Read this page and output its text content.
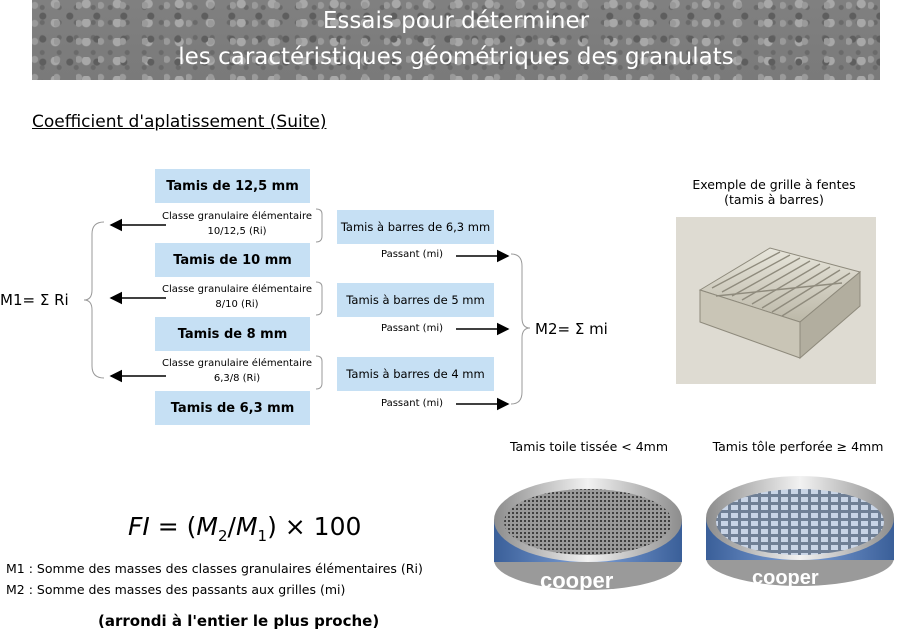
Essais pour déterminer
les caractéristiques géométriques des granulats
Coefficient d'aplatissement (Suite)
Tamis de 12,5 mm
Tamis de 10 mm
Tamis de 8 mm
Tamis de 6,3 mm
Tamis à barres de 6,3 mm
Tamis à barres de 5 mm
Tamis à barres de 4 mm
Classe granulaire élémentaire
10/12,5 (Ri)
Classe granulaire élémentaire
8/10 (Ri)
Classe granulaire élémentaire
6,3/8 (Ri)
Passant (mi)
Passant (mi)
Passant (mi)
M1= Σ Ri
M2= Σ mi
cooper	cooper
Exemple de grille à fentes
(tamis à barres)
Tamis toile tissée < 4mm	Tamis tôle perforée ≥ 4mm
FI = $(M_2/M_1) \times 100$
M1 : Somme des masses des classes granulaires élémentaires (Ri)
M2 : Somme des masses des passants aux grilles (mi)
(arrondi à l'entier le plus proche)
